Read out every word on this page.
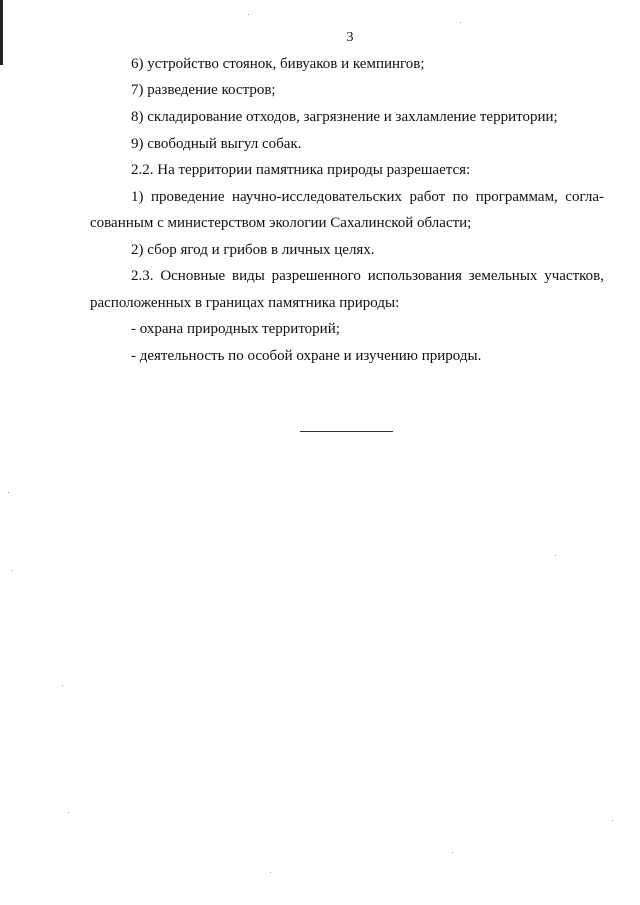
3
6) устройство стоянок, бивуаков и кемпингов;
7) разведение костров;
8) складирование отходов, загрязнение и захламление территории;
9) свободный выгул собак.
2.2. На территории памятника природы разрешается:
1) проведение научно-исследовательских работ по программам, согла-
сованным с министерством экологии Сахалинской области;
2) сбор ягод и грибов в личных целях.
2.3. Основные виды разрешенного использования земельных участков,
расположенных в границах памятника природы:
- охрана природных территорий;
- деятельность по особой охране и изучению природы.
